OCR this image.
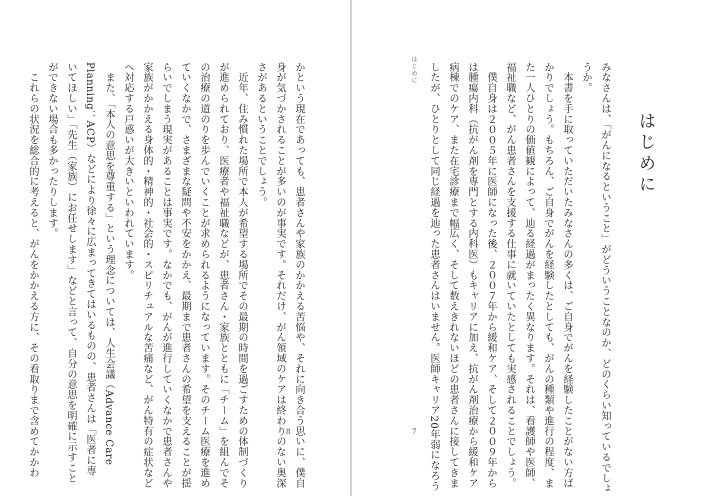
かという現在であっても、患者さんや家族のかかえる苦悩や、それに向き合う思いに、僕自
身が気づかされることが多いのが事実です。それだけ、がん領域のケアは終わりのない奥深
さがあるということでしょう。
　近年、住み慣れた場所で本人が希望する場所でその最期の時間を過ごすための体制づくり
が進められており、医療者や福祉職などが、患者さん・家族とともに「チーム」を組んでそ
の治療の道のりを歩んでいくことが求められるようになっています。そのチーム医療を進め
ていくなかで、さまざまな疑問や不安をかかえ、最期まで患者さんの希望を支えることが揺
らいでしまう現実があることは事実です。なかでも、がんが進行していくなかで患者さんや
家族がかかえる身体的・精神的・社会的・スピリチュアルな苦痛など、がん特有の症状など
へ対応する戸惑いが大きいといわれています。
　また、「本人の意思を尊重する」という理念については、人生会議（Advance Care
Planning：ACP）などにより徐々に広まってきてはいるものの、患者さんは「医者に専
いてほしい」「先生（家族）にお任せします」などと言って、自分の意思を明確に示すこと
ができない場合も多かったりします。
　これらの状況を総合的に考えると、がんをかかえる方に、その看取りまで含めてかかわ	8
はじめに
はじめに
みなさんは、「がんになるということ」がどういうことなのか、どのくらい知っているでしょ
うか。
　本書を手に取っていただいたみなさんの多くは、ご自身でがんを経験したことがない方ば
かりでしょう。もちろん、ご自身でがんを経験したとしても、がんの種類や進行の程度、ま
た一人ひとりの価値観によって、辿る経過がまったく異なります。それは、看護師や医師、
福祉職など、がん患者さんを支援する仕事に就いていたとしても実感されることでしょう。
　僕自身は２００５年に医師になった後、２００７年から緩和ケア、そして２００９年から
は腫瘍内科（抗がん剤を専門とする内科医）もキャリアに加え、抗がん剤治療から緩和ケア
病棟でのケア、また在宅診療まで幅広く、そして数えきれないほどの患者さんに接してきま
したが、ひとりとして同じ経過を辿った患者さんはいません。医師キャリア20年弱になろう
7
